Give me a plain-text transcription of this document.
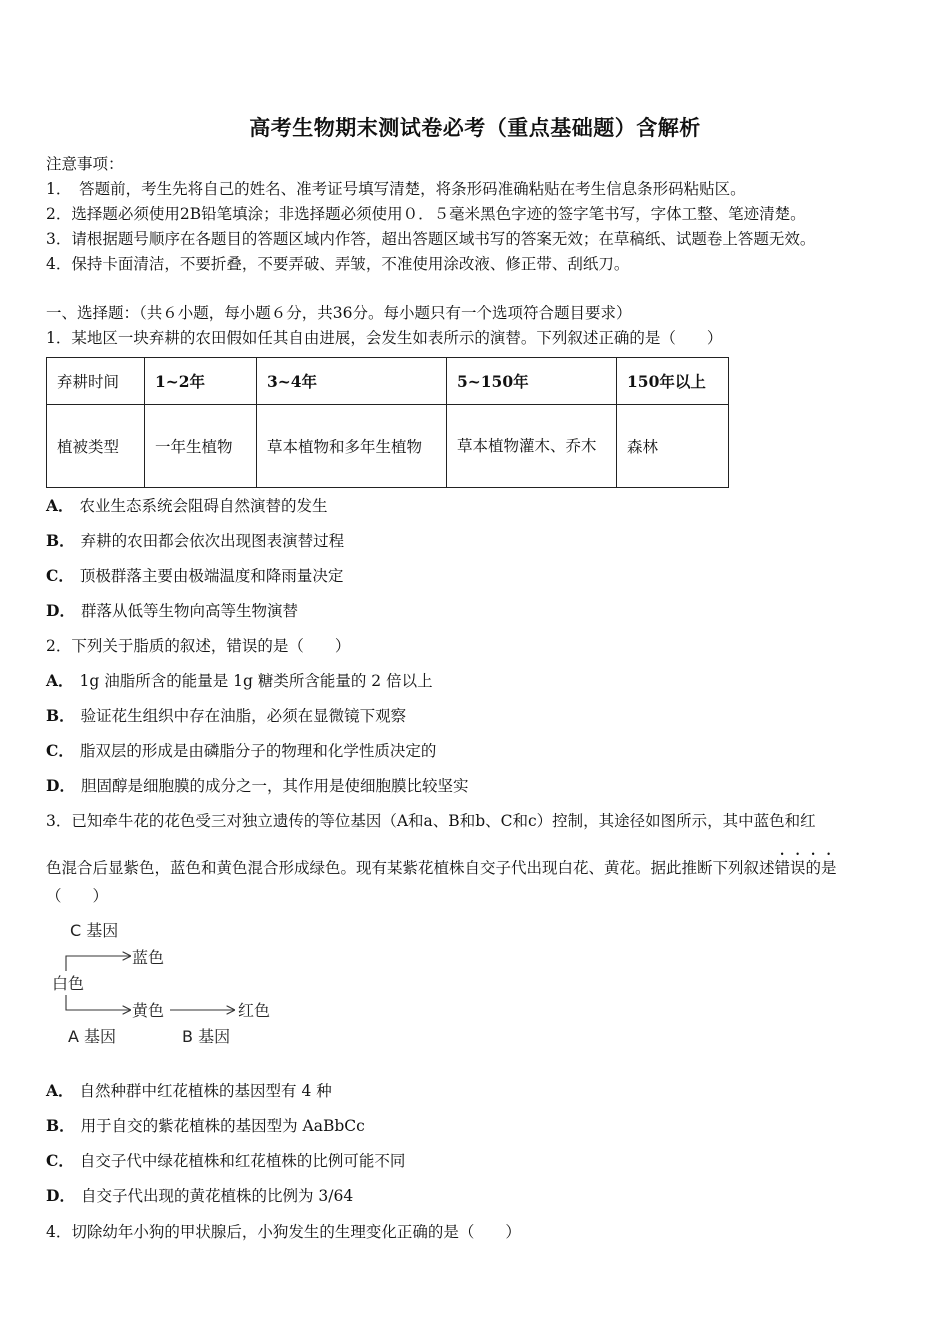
高考生物期末测试卷必考（重点基础题）含解析
注意事项：
1．　答题前，考生先将自己的姓名、准考证号填写清楚，将条形码准确粘贴在考生信息条形码粘贴区。
2．选择题必须使用2B铅笔填涂；非选择题必须使用０．５毫米黑色字迹的签字笔书写，字体工整、笔迹清楚。
3．请根据题号顺序在各题目的答题区域内作答，超出答题区域书写的答案无效；在草稿纸、试题卷上答题无效。
4．保持卡面清洁，不要折叠，不要弄破、弄皱，不准使用涂改液、修正带、刮纸刀。
一、选择题：（共６小题，每小题６分，共36分。每小题只有一个选项符合题目要求）
1．某地区一块弃耕的农田假如任其自由进展，会发生如表所示的演替。下列叙述正确的是（　　）
弃耕时间	1~2年	3~4年	5~150年	150年以上
植被类型	一年生植物	草本植物和多年生植物	草本植物灌木、乔木	森林
A． 农业生态系统会阻碍自然演替的发生
B． 弃耕的农田都会依次出现图表演替过程
C． 顶极群落主要由极端温度和降雨量决定
D． 群落从低等生物向高等生物演替
2．下列关于脂质的叙述，错误的是（　　）
A． 1g 油脂所含的能量是 1g 糖类所含能量的 2 倍以上
B． 验证花生组织中存在油脂，必须在显微镜下观察
C． 脂双层的形成是由磷脂分子的物理和化学性质决定的
D． 胆固醇是细胞膜的成分之一，其作用是使细胞膜比较坚实
3．已知牵牛花的花色受三对独立遗传的等位基因（A和a、B和b、C和c）控制，其途径如图所示，其中蓝色和红
色混合后显紫色，蓝色和黄色混合形成绿色。现有某紫花植株自交子代出现白花、黄花。据此推断下列叙述错误的是
（　　）
C 基因
蓝色
白色
黄色	红色
A 基因	B 基因
A． 自然种群中红花植株的基因型有 4 种
B． 用于自交的紫花植株的基因型为 AaBbCc
C． 自交子代中绿花植株和红花植株的比例可能不同
D． 自交子代出现的黄花植株的比例为 3/64
4．切除幼年小狗的甲状腺后，小狗发生的生理变化正确的是（　　）
